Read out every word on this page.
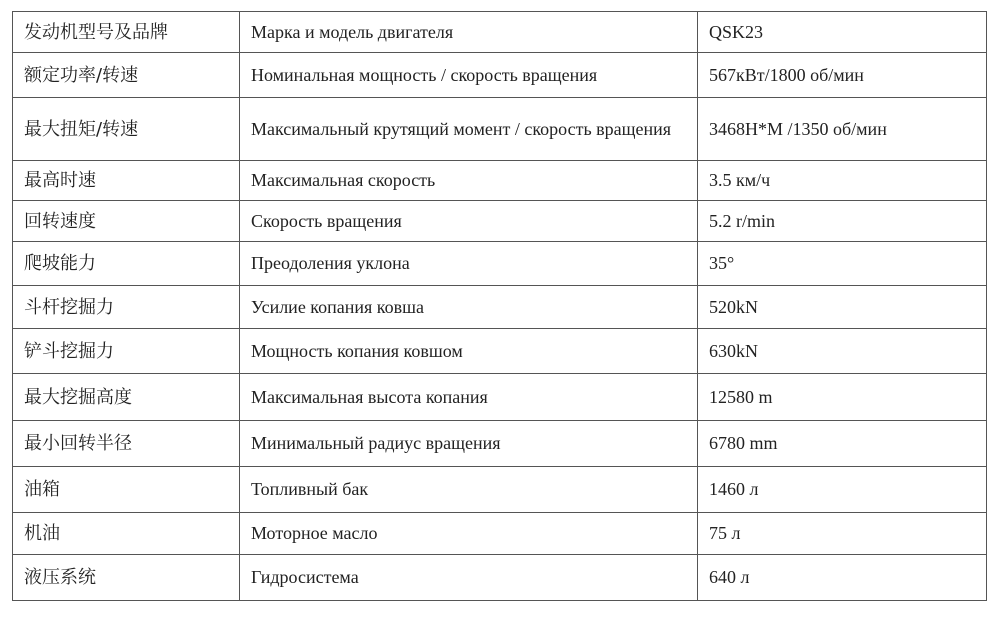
发动机型号及品牌	Марка и модель двигателя	QSK23
额定功率/转速	Номинальная мощность / скорость вращения	567кВт/1800 об/мин
最大扭矩/转速	Максимальный крутящий момент / скорость вращения	3468Н*М /1350 об/мин
最高时速	Максимальная скорость	3.5 км/ч
回转速度	Скорость вращения	5.2 r/min
爬坡能力	Преодоления уклона	35°
斗杆挖掘力	Усилие копания ковша	520kN
铲斗挖掘力	Мощность копания ковшом	630kN
最大挖掘高度	Максимальная высота копания	12580 m
最小回转半径	Минимальный радиус вращения	6780 mm
油箱	Топливный бак	1460 л
机油	Моторное масло	75 л
液压系统	Гидросистема	640 л
